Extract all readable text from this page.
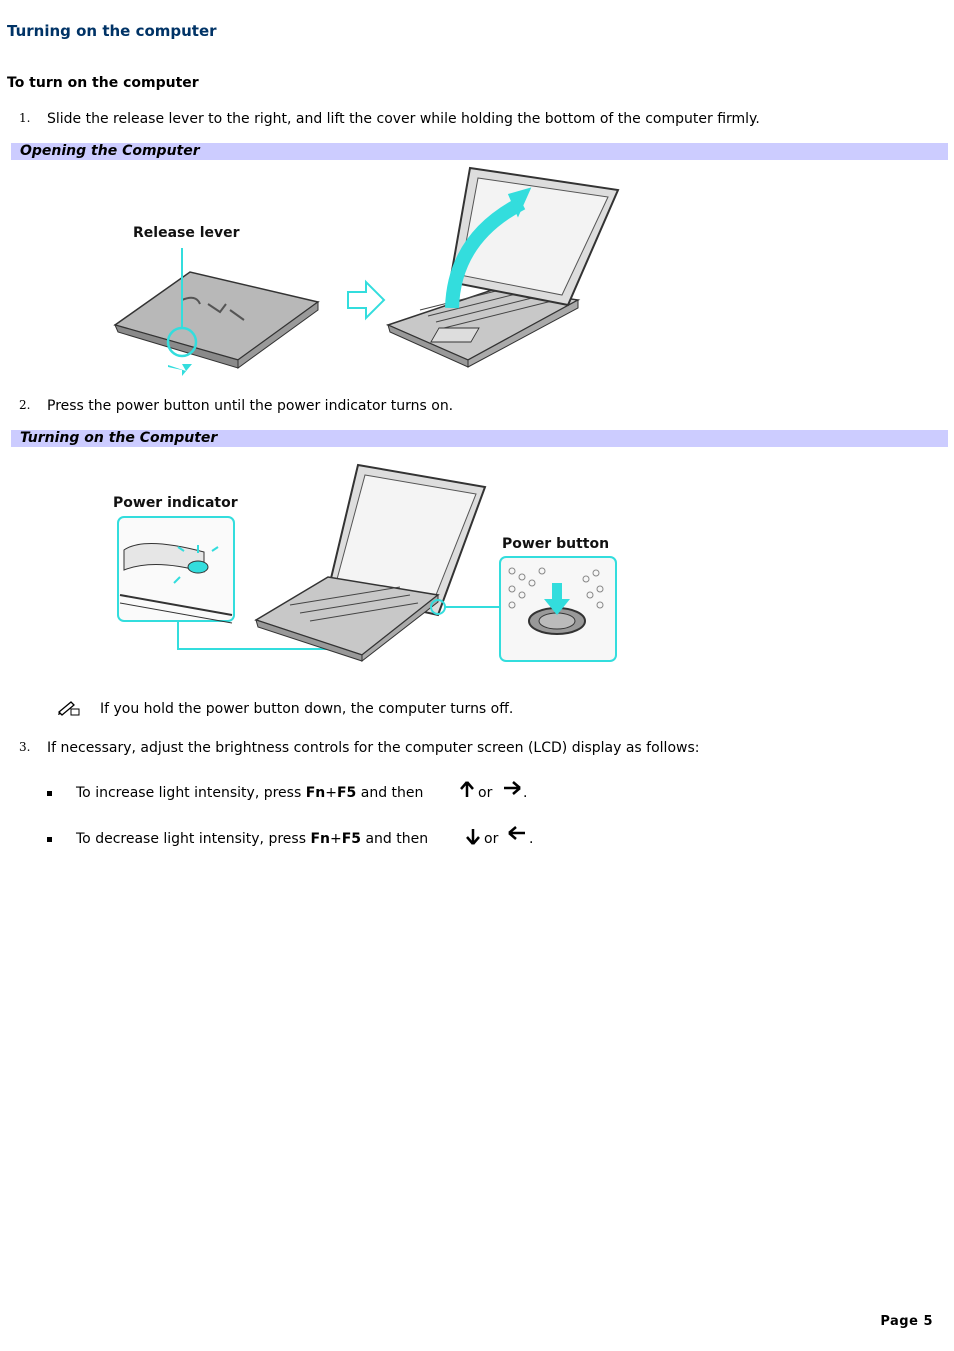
Turning on the computer
To turn on the computer
1. Slide the release lever to the right, and lift the cover while holding the bottom of the computer firmly.
Opening the Computer
Release lever
2. Press the power button until the power indicator turns on.
Turning on the Computer
Power indicator
Power button
If you hold the power button down, the computer turns off.
3. If necessary, adjust the brightness controls for the computer screen (LCD) display as follows:
To increase light intensity, press Fn+F5 and then	or .
To decrease light intensity, press Fn+F5 and then	or .
Page 5
